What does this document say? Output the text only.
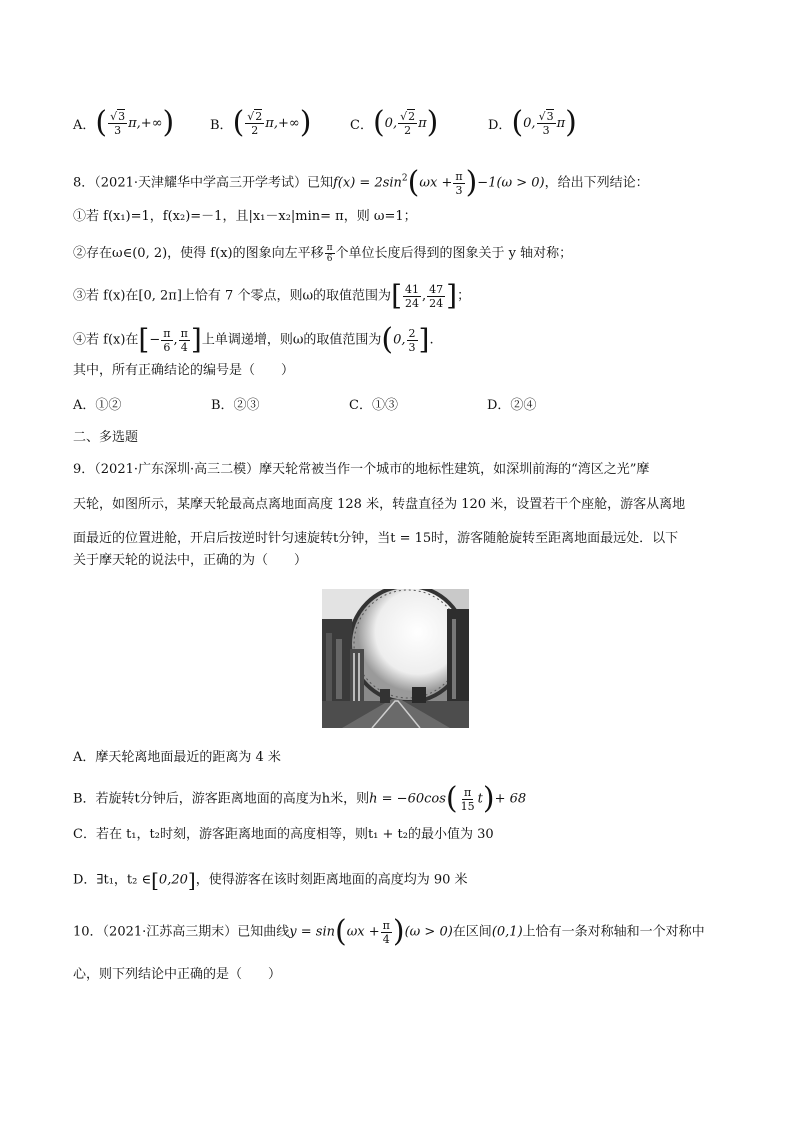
A． ( $\frac{√3}{3} \pi,+\infty$ )	B． ( $\frac{√2}{2} \pi,+\infty$ )	C． ( 0, $\frac{√2}{2}$ π )	D． ( 0, $\frac{√3}{3}$ π )
8．（2021·天津耀华中学高三开学考试）已知$f(x) = 2\sin^2(\omega x + \frac{\pi}{3} )-1(\omega > 0)$，给出下列结论：
①若 f(x₁)=1，f(x₂)=－1，且|x₁－x₂|min= π，则 ω=1；
②存在ω∈(0, 2)，使得 f(x)的图象向左平移 $\frac{\pi}{6}$ 个单位长度后得到的图象关于 y 轴对称；
③若 f(x)在[0, 2π]上恰有 7 个零点，则ω的取值范围为[ $\frac{41}{24}$ , $\frac{47}{24}$ ]；
④若 f(x)在[− $\frac{\pi}{6}$ , $\frac{\pi}{4}$ ]上单调递增，则ω的取值范围为(0, $\frac{2}{3}$ ].
其中，所有正确结论的编号是（　　）
A．①②	B．②③	C．①③	D．②④
二、多选题
9．（2021·广东深圳·高三二模）摩天轮常被当作一个城市的地标性建筑，如深圳前海的“湾区之光”摩
天轮，如图所示，某摩天轮最高点离地面高度 128 米，转盘直径为 120 米，设置若干个座舱，游客从离地
面最近的位置进舱，开启后按逆时针匀速旋转t分钟，当t = 15时，游客随舱旋转至距离地面最远处．以下
关于摩天轮的说法中，正确的为（　　）
A．摩天轮离地面最近的距离为 4 米
B．若旋转t分钟后，游客距离地面的高度为h米，则$h = -60\cos( \frac{\pi}{15} t)+ 68$
C．若在 t₁，t₂时刻，游客距离地面的高度相等，则t₁ + t₂的最小值为 30
D．∃t₁，t₂ ∈[0,20]，使得游客在该时刻距离地面的高度均为 90 米
10．（2021·江苏高三期末）已知曲线$y = \sin(\omega x + \frac{\pi}{4} )(\omega > 0)$在区间(0,1)上恰有一条对称轴和一个对称中
心，则下列结论中正确的是（　　）
